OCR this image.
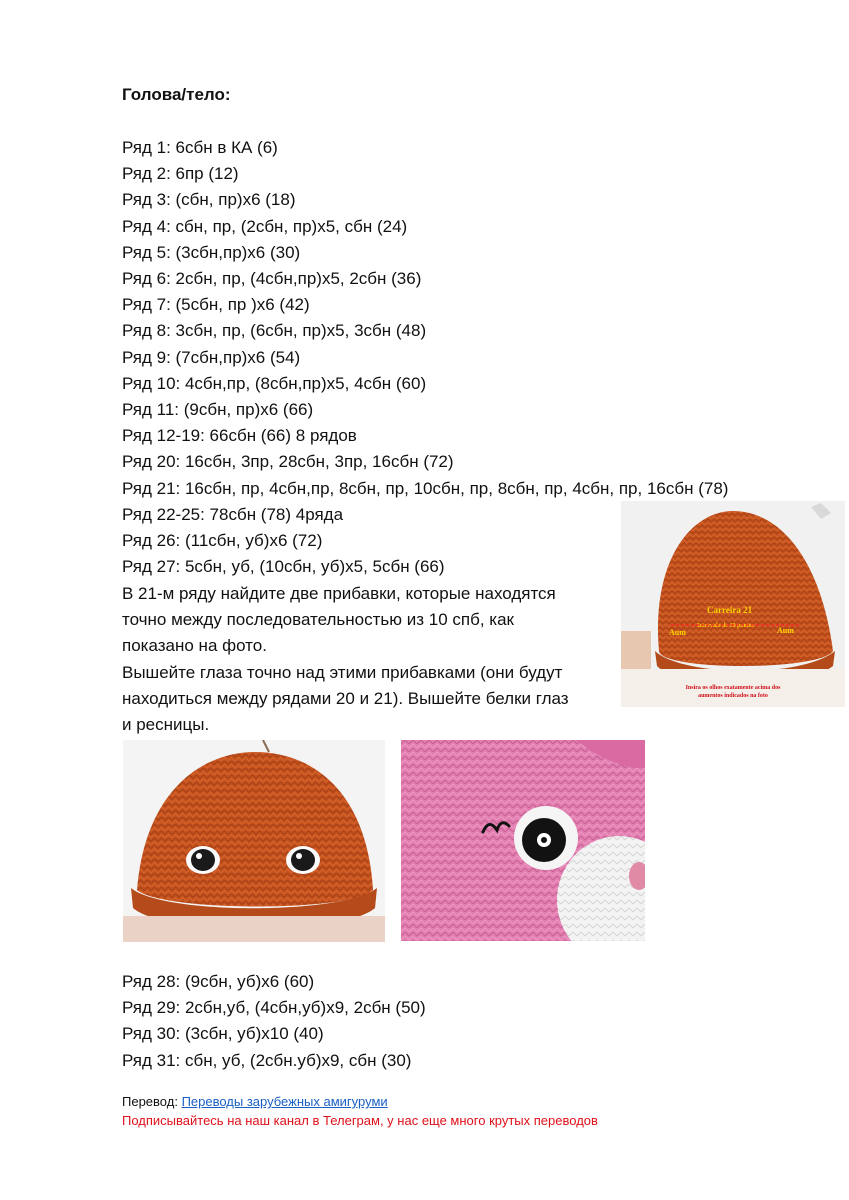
Голова/тело:
Ряд 1: 6сбн в КА (6)
Ряд 2: 6пр (12)
Ряд 3: (сбн, пр)х6 (18)
Ряд 4: сбн, пр, (2сбн, пр)х5, сбн (24)
Ряд 5: (3сбн,пр)х6 (30)
Ряд 6: 2сбн, пр, (4сбн,пр)х5, 2сбн (36)
Ряд 7: (5сбн, пр )х6 (42)
Ряд 8: 3сбн, пр, (6сбн, пр)х5, 3сбн (48)
Ряд 9: (7сбн,пр)х6 (54)
Ряд 10: 4сбн,пр, (8сбн,пр)х5, 4сбн (60)
Ряд 11: (9сбн, пр)х6 (66)
Ряд 12-19: 66сбн (66) 8 рядов
Ряд 20: 16сбн, 3пр, 28сбн, 3пр, 16сбн (72)
Ряд 21: 16сбн, пр, 4сбн,пр, 8сбн, пр, 10сбн, пр, 8сбн, пр, 4сбн, пр, 16сбн (78)
Ряд 22-25: 78сбн (78) 4ряда
Ряд 26: (11сбн, уб)х6 (72)
Ряд 27: 5сбн, уб, (10сбн, уб)х5, 5сбн (66)
В 21-м ряду найдите две прибавки, которые находятся
точно между последовательностью из 10 спб, как
показано на фото.
Вышейте глаза точно над этими прибавками (они будут
находиться между рядами 20 и 21). Вышейте белки глаз
и ресницы.
Carreira 21
Intervalo de 10 pontos
Aum	Aum
Insira os olhos exatamente acima dos
aumentos indicados na foto
Ряд 28: (9сбн, уб)х6 (60)
Ряд 29: 2сбн,уб, (4сбн,уб)х9, 2сбн (50)
Ряд 30: (3сбн, уб)х10 (40)
Ряд 31: сбн, уб, (2сбн.уб)х9, сбн (30)
Перевод: Переводы зарубежных амигуруми
Подписывайтесь на наш канал в Телеграм, у нас еще много крутых переводов
